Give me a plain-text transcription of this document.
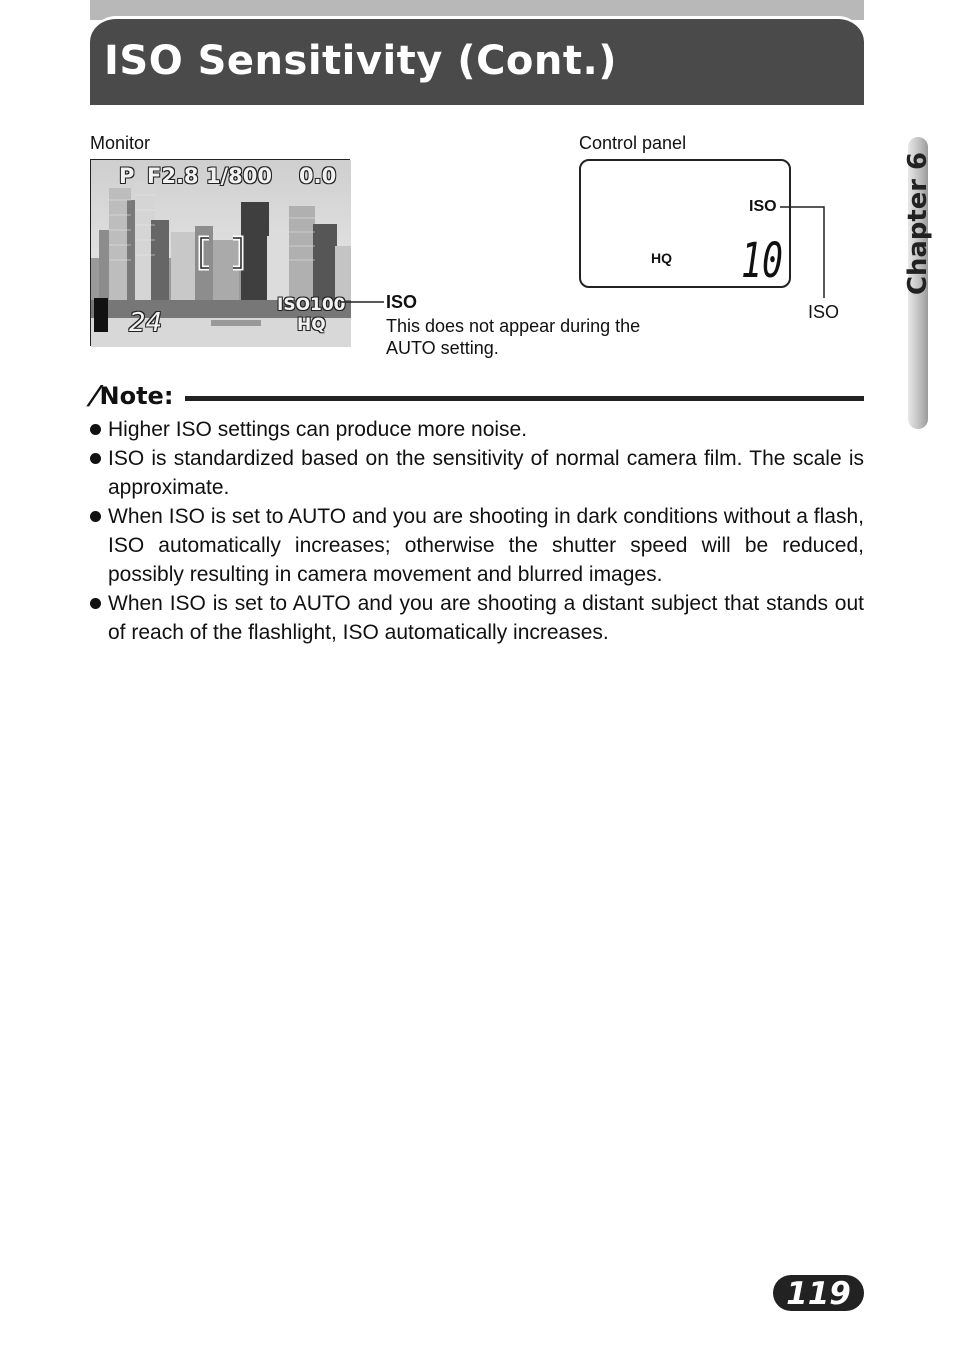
ISO Sensitivity (Cont.)
Chapter 6
Monitor	Control panel
P F2.8 1/800 0.0
ISO100
HQ
24
ISO
This does not appear during the AUTO setting.
ISO
HQ 10
ISO
/Note:
Higher ISO settings can produce more noise.
ISO is standardized based on the sensitivity of normal camera film. The scale is approximate.
When ISO is set to AUTO and you are shooting in dark conditions without a flash, ISO automatically increases; otherwise the shutter speed will be reduced, possibly resulting in camera movement and blurred images.
When ISO is set to AUTO and you are shooting a distant subject that stands out of reach of the flashlight, ISO automatically increases.
119
